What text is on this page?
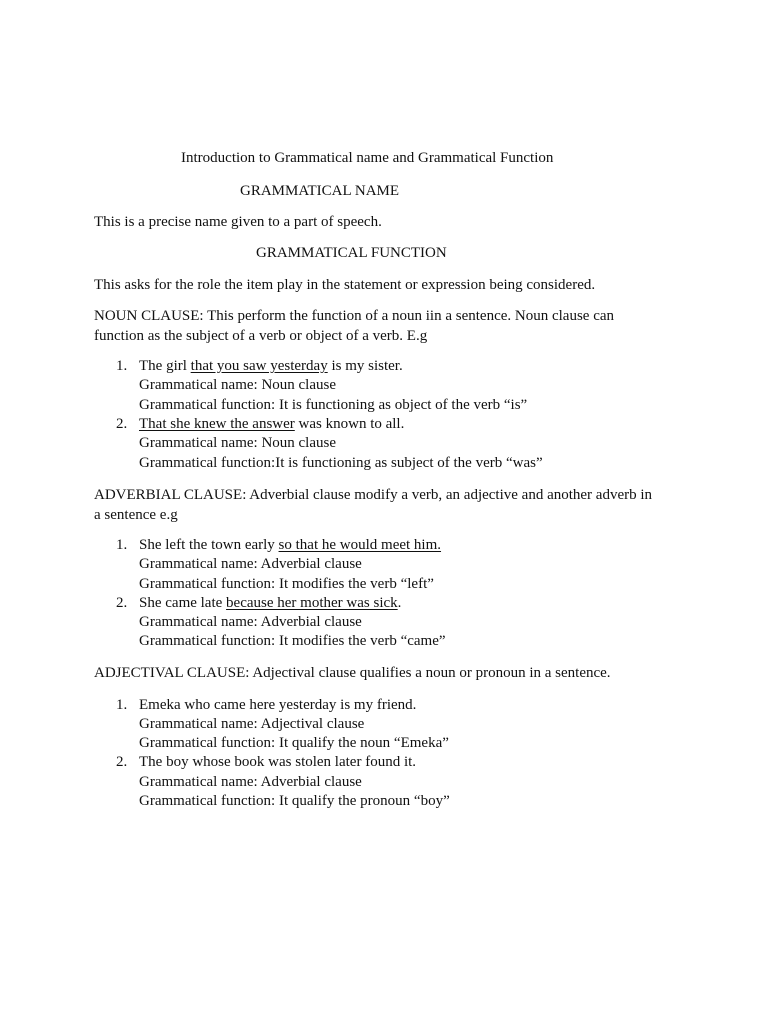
Introduction to Grammatical name and Grammatical Function
GRAMMATICAL NAME
This is a precise name given to a part of speech.
GRAMMATICAL FUNCTION
This asks for the role the item play in the statement or expression being considered.
NOUN CLAUSE: This perform the function of a noun iin a sentence. Noun clause can
function as the subject of a verb or object of a verb. E.g
1. The girl that you saw yesterday is my sister.
Grammatical name: Noun clause
Grammatical function: It is functioning as object of the verb “is”
2. That she knew the answer was known to all.
Grammatical name: Noun clause
Grammatical function:It is functioning as subject of the verb “was”
ADVERBIAL CLAUSE: Adverbial clause modify a verb, an adjective and another adverb in
a sentence e.g
1. She left the town early so that he would meet him.
Grammatical name: Adverbial clause
Grammatical function: It modifies the verb “left”
2. She came late because her mother was sick.
Grammatical name: Adverbial clause
Grammatical function: It modifies the verb “came”
ADJECTIVAL CLAUSE: Adjectival clause qualifies a noun or pronoun in a sentence.
1. Emeka who came here yesterday is my friend.
Grammatical name: Adjectival clause
Grammatical function: It qualify the noun “Emeka”
2. The boy whose book was stolen later found it.
Grammatical name: Adverbial clause
Grammatical function: It qualify the pronoun “boy”
